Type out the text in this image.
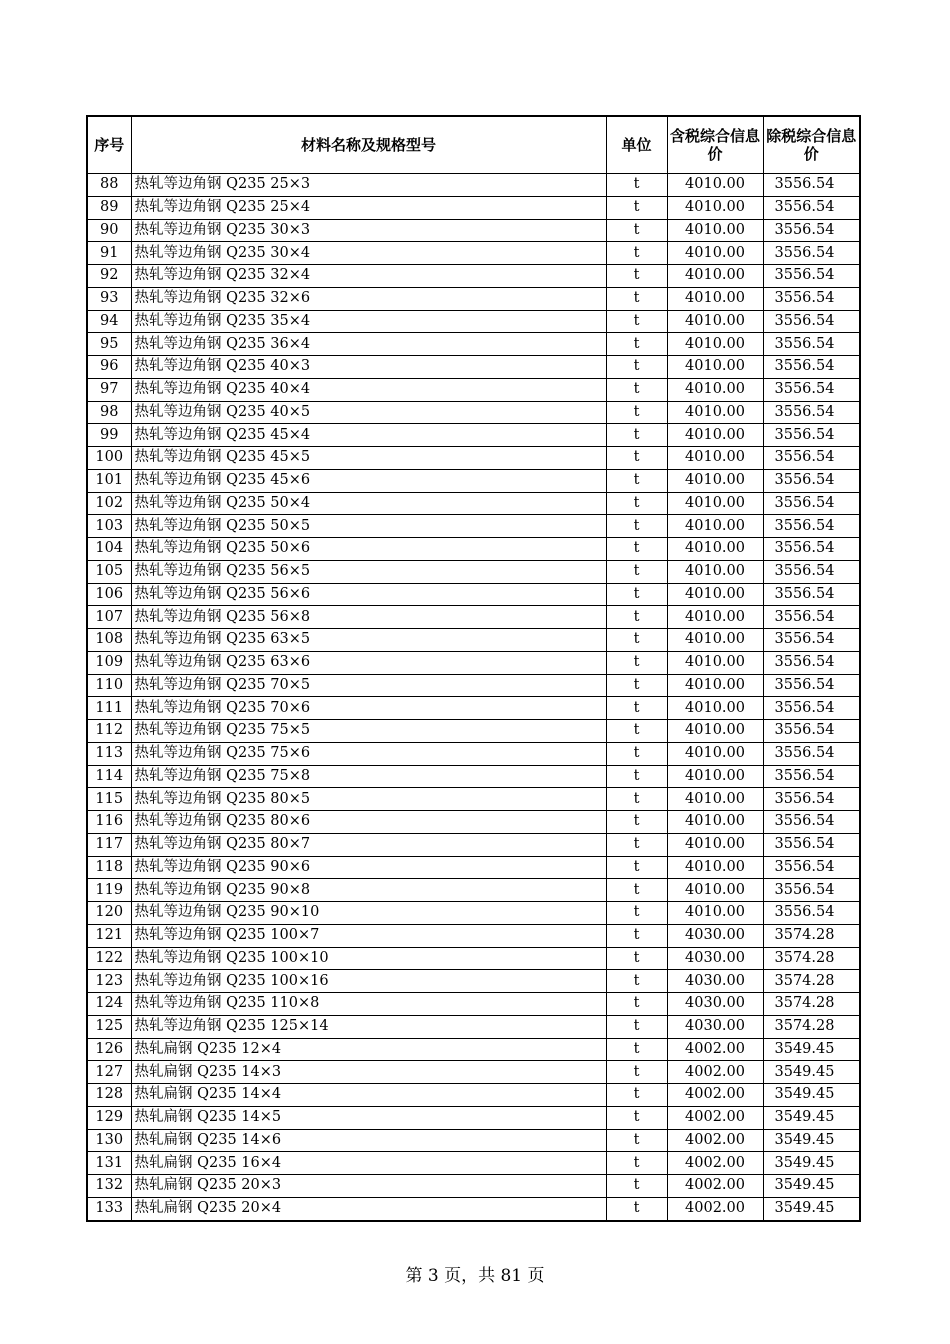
序号	材料名称及规格型号	单位	含税综合信息价	除税综合信息价
88	热轧等边角钢 Q235 25×3	t	4010.00	3556.54
89	热轧等边角钢 Q235 25×4	t	4010.00	3556.54
90	热轧等边角钢 Q235 30×3	t	4010.00	3556.54
91	热轧等边角钢 Q235 30×4	t	4010.00	3556.54
92	热轧等边角钢 Q235 32×4	t	4010.00	3556.54
93	热轧等边角钢 Q235 32×6	t	4010.00	3556.54
94	热轧等边角钢 Q235 35×4	t	4010.00	3556.54
95	热轧等边角钢 Q235 36×4	t	4010.00	3556.54
96	热轧等边角钢 Q235 40×3	t	4010.00	3556.54
97	热轧等边角钢 Q235 40×4	t	4010.00	3556.54
98	热轧等边角钢 Q235 40×5	t	4010.00	3556.54
99	热轧等边角钢 Q235 45×4	t	4010.00	3556.54
100	热轧等边角钢 Q235 45×5	t	4010.00	3556.54
101	热轧等边角钢 Q235 45×6	t	4010.00	3556.54
102	热轧等边角钢 Q235 50×4	t	4010.00	3556.54
103	热轧等边角钢 Q235 50×5	t	4010.00	3556.54
104	热轧等边角钢 Q235 50×6	t	4010.00	3556.54
105	热轧等边角钢 Q235 56×5	t	4010.00	3556.54
106	热轧等边角钢 Q235 56×6	t	4010.00	3556.54
107	热轧等边角钢 Q235 56×8	t	4010.00	3556.54
108	热轧等边角钢 Q235 63×5	t	4010.00	3556.54
109	热轧等边角钢 Q235 63×6	t	4010.00	3556.54
110	热轧等边角钢 Q235 70×5	t	4010.00	3556.54
111	热轧等边角钢 Q235 70×6	t	4010.00	3556.54
112	热轧等边角钢 Q235 75×5	t	4010.00	3556.54
113	热轧等边角钢 Q235 75×6	t	4010.00	3556.54
114	热轧等边角钢 Q235 75×8	t	4010.00	3556.54
115	热轧等边角钢 Q235 80×5	t	4010.00	3556.54
116	热轧等边角钢 Q235 80×6	t	4010.00	3556.54
117	热轧等边角钢 Q235 80×7	t	4010.00	3556.54
118	热轧等边角钢 Q235 90×6	t	4010.00	3556.54
119	热轧等边角钢 Q235 90×8	t	4010.00	3556.54
120	热轧等边角钢 Q235 90×10	t	4010.00	3556.54
121	热轧等边角钢 Q235 100×7	t	4030.00	3574.28
122	热轧等边角钢 Q235 100×10	t	4030.00	3574.28
123	热轧等边角钢 Q235 100×16	t	4030.00	3574.28
124	热轧等边角钢 Q235 110×8	t	4030.00	3574.28
125	热轧等边角钢 Q235 125×14	t	4030.00	3574.28
126	热轧扁钢 Q235 12×4	t	4002.00	3549.45
127	热轧扁钢 Q235 14×3	t	4002.00	3549.45
128	热轧扁钢 Q235 14×4	t	4002.00	3549.45
129	热轧扁钢 Q235 14×5	t	4002.00	3549.45
130	热轧扁钢 Q235 14×6	t	4002.00	3549.45
131	热轧扁钢 Q235 16×4	t	4002.00	3549.45
132	热轧扁钢 Q235 20×3	t	4002.00	3549.45
133	热轧扁钢 Q235 20×4	t	4002.00	3549.45
第 3 页，共 81 页
